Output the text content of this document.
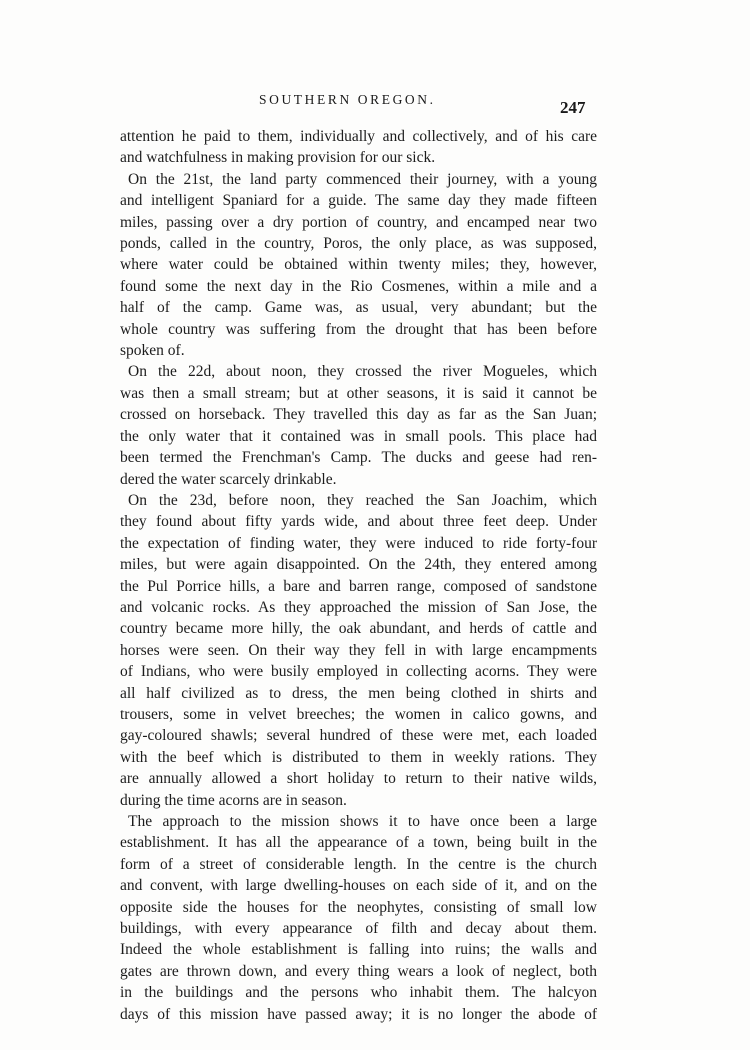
SOUTHERN OREGON.	247
attention he paid to them, individually and collectively, and of his care
and watchfulness in making provision for our sick.
On the 21st, the land party commenced their journey, with a young
and intelligent Spaniard for a guide. The same day they made fifteen
miles, passing over a dry portion of country, and encamped near two
ponds, called in the country, Poros, the only place, as was supposed,
where water could be obtained within twenty miles; they, however,
found some the next day in the Rio Cosmenes, within a mile and a
half of the camp. Game was, as usual, very abundant; but the
whole country was suffering from the drought that has been before
spoken of.
On the 22d, about noon, they crossed the river Mogueles, which
was then a small stream; but at other seasons, it is said it cannot be
crossed on horseback. They travelled this day as far as the San Juan;
the only water that it contained was in small pools. This place had
been termed the Frenchman's Camp. The ducks and geese had ren-
dered the water scarcely drinkable.
On the 23d, before noon, they reached the San Joachim, which
they found about fifty yards wide, and about three feet deep. Under
the expectation of finding water, they were induced to ride forty-four
miles, but were again disappointed. On the 24th, they entered among
the Pul Porrice hills, a bare and barren range, composed of sandstone
and volcanic rocks. As they approached the mission of San Jose, the
country became more hilly, the oak abundant, and herds of cattle and
horses were seen. On their way they fell in with large encampments
of Indians, who were busily employed in collecting acorns. They were
all half civilized as to dress, the men being clothed in shirts and
trousers, some in velvet breeches; the women in calico gowns, and
gay-coloured shawls; several hundred of these were met, each loaded
with the beef which is distributed to them in weekly rations. They
are annually allowed a short holiday to return to their native wilds,
during the time acorns are in season.
The approach to the mission shows it to have once been a large
establishment. It has all the appearance of a town, being built in the
form of a street of considerable length. In the centre is the church
and convent, with large dwelling-houses on each side of it, and on the
opposite side the houses for the neophytes, consisting of small low
buildings, with every appearance of filth and decay about them.
Indeed the whole establishment is falling into ruins; the walls and
gates are thrown down, and every thing wears a look of neglect, both
in the buildings and the persons who inhabit them. The halcyon
days of this mission have passed away; it is no longer the abode of
